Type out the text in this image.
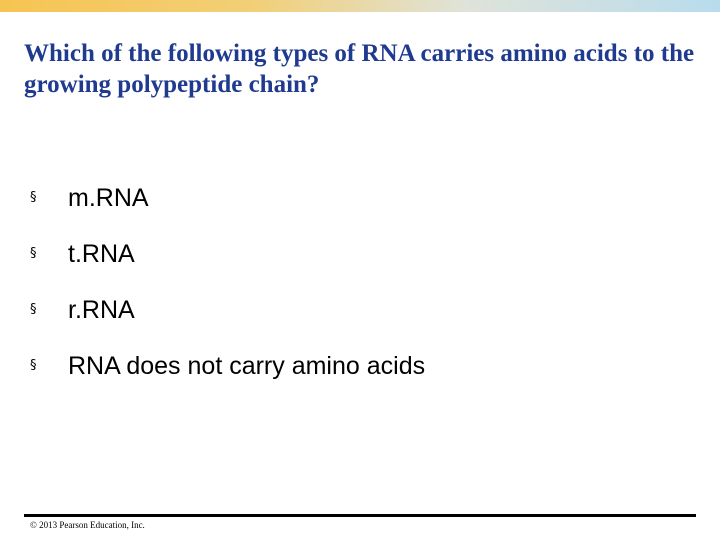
Which of the following types of RNA carries amino acids to the growing polypeptide chain?
§	m.RNA
§	t.RNA
§	r.RNA
§	RNA does not carry amino acids
© 2013 Pearson Education, Inc.
